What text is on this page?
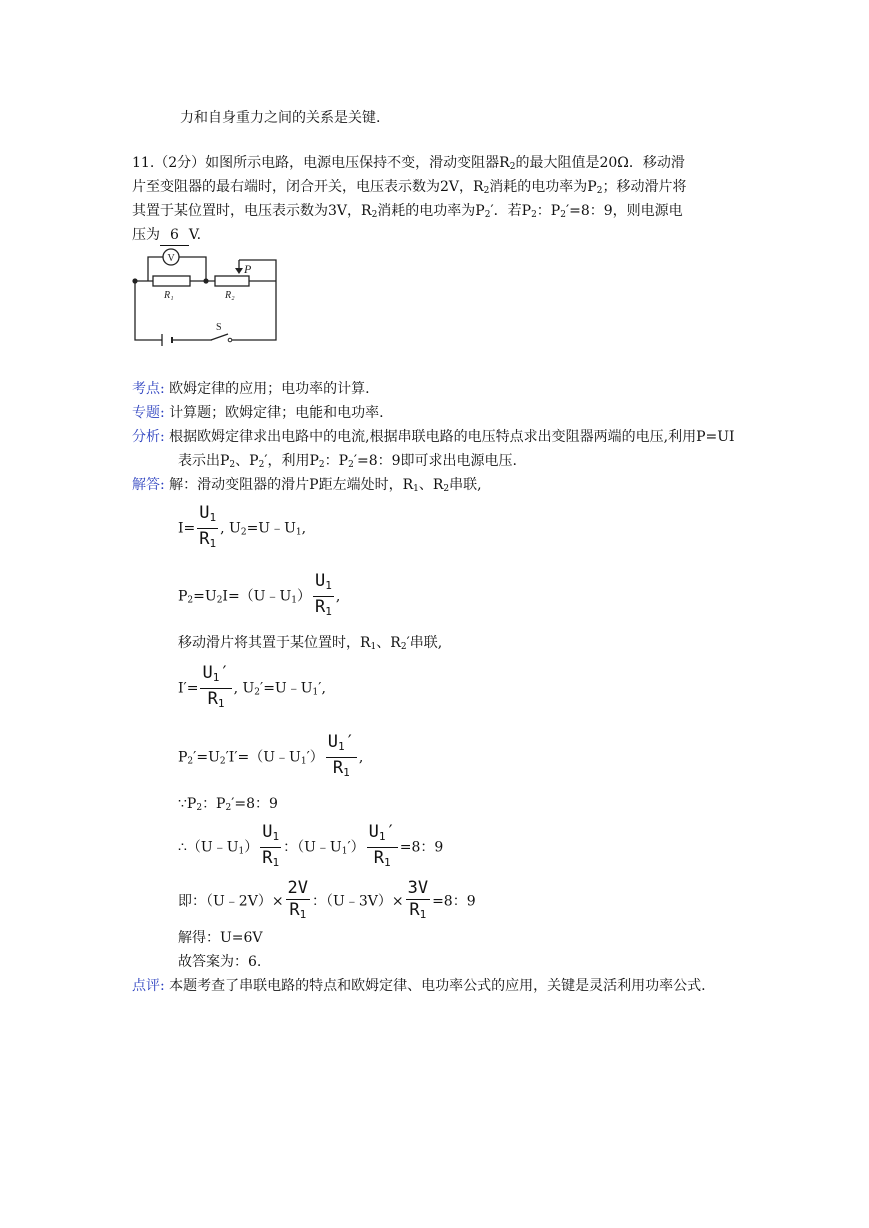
力和自身重力之间的关系是关键.
11.（2分）如图所示电路，电源电压保持不变，滑动变阻器$R_2$的最大阻值是20Ω．移动滑
片至变阻器的最右端时，闭合开关，电压表示数为2V，$R_2$消耗的电功率为$P_2$；移动滑片将
其置于某位置时，电压表示数为3V，$R_2$消耗的电功率为$P_2'$．若$P_2$：$P_2'=8$：9，则电源电
压为 6 V.
V
P
R₁	R₂
S
考点: 欧姆定律的应用；电功率的计算.
专题: 计算题；欧姆定律；电能和电功率.
分析: 根据欧姆定律求出电路中的电流,根据串联电路的电压特点求出变阻器两端的电压,利用P=UI
表示出$P_2$、$P_2'$，利用$P_2$：$P_2'=8$：9即可求出电源电压.
解答: 解：滑动变阻器的滑片P距左端处时，$R_1$、$R_2$串联,
$I= \frac{U_1}{R_1}$ , $U_2=U﹣U_1$,
$P_2=U_2I=(U﹣U_1) \frac{U_1}{R_1}$ ,
移动滑片将其置于某位置时，$R_1$、$R_2'$串联,
$I'= \frac{U_1'}{R_1}$ , $U_2'=U﹣U_1'$,
$P_2'=U_2'I'=(U﹣U_1') \frac{U_1'}{R_1}$ ,
$\because P_2$：$P_2'=8$：9
$\therefore(U﹣U_1) \frac{U_1}{R_1}$ ：$(U﹣U_1') \frac{U_1'}{R_1} =8$：9
即：（U﹣2V）× $\frac{2V}{R_1}$ ：（U﹣3V）× $\frac{3V}{R_1} =8$：9
解得：U=6V
故答案为：6.
点评: 本题考查了串联电路的特点和欧姆定律、电功率公式的应用，关键是灵活利用功率公式.
